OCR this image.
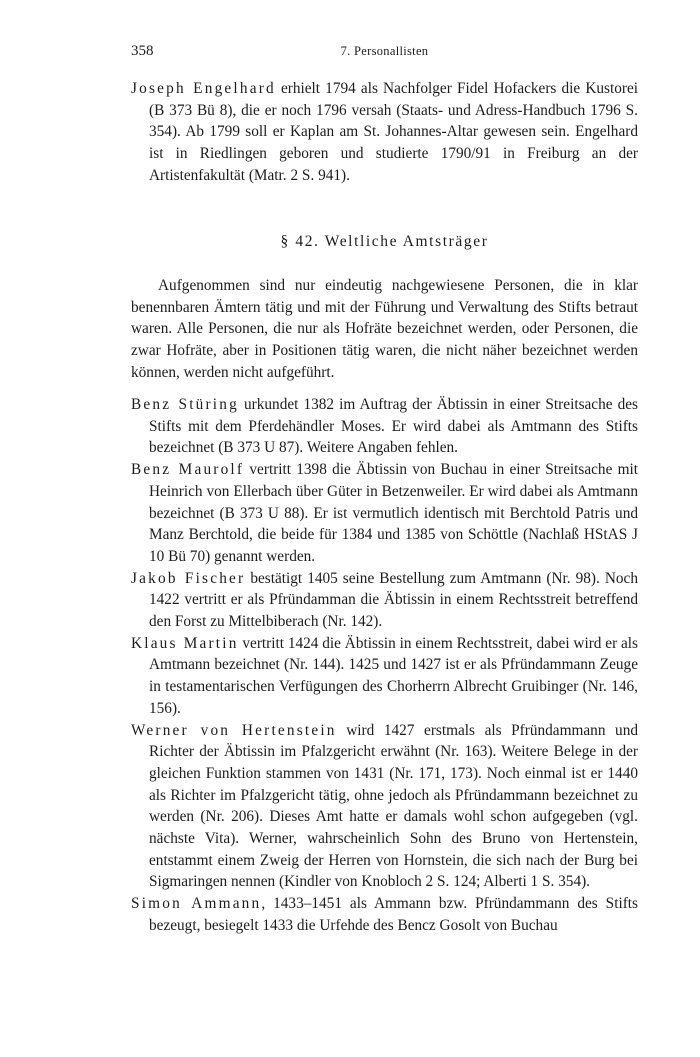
358	7. Personallisten

Joseph Engelhard erhielt 1794 als Nachfolger Fidel Hofackers die Kustorei (B 373 Bü 8), die er noch 1796 versah (Staats- und Adress-Handbuch 1796 S. 354). Ab 1799 soll er Kaplan am St. Johannes-Altar gewesen sein. Engelhard ist in Riedlingen geboren und studierte 1790/91 in Freiburg an der Artistenfakultät (Matr. 2 S. 941).

§ 42. Weltliche Amtsträger

Aufgenommen sind nur eindeutig nachgewiesene Personen, die in klar benennbaren Ämtern tätig und mit der Führung und Verwaltung des Stifts betraut waren. Alle Personen, die nur als Hofräte bezeichnet werden, oder Personen, die zwar Hofräte, aber in Positionen tätig waren, die nicht näher bezeichnet werden können, werden nicht aufgeführt.

Benz Stüring urkundet 1382 im Auftrag der Äbtissin in einer Streitsache des Stifts mit dem Pferdehändler Moses. Er wird dabei als Amtmann des Stifts bezeichnet (B 373 U 87). Weitere Angaben fehlen.

Benz Maurolf vertritt 1398 die Äbtissin von Buchau in einer Streitsache mit Heinrich von Ellerbach über Güter in Betzenweiler. Er wird dabei als Amtmann bezeichnet (B 373 U 88). Er ist vermutlich identisch mit Berchtold Patris und Manz Berchtold, die beide für 1384 und 1385 von Schöttle (Nachlaß HStAS J 10 Bü 70) genannt werden.

Jakob Fischer bestätigt 1405 seine Bestellung zum Amtmann (Nr. 98). Noch 1422 vertritt er als Pfründamman die Äbtissin in einem Rechtsstreit betreffend den Forst zu Mittelbiberach (Nr. 142).

Klaus Martin vertritt 1424 die Äbtissin in einem Rechtsstreit, dabei wird er als Amtmann bezeichnet (Nr. 144). 1425 und 1427 ist er als Pfründammann Zeuge in testamentarischen Verfügungen des Chorherrn Albrecht Gruibinger (Nr. 146, 156).

Werner von Hertenstein wird 1427 erstmals als Pfründammann und Richter der Äbtissin im Pfalzgericht erwähnt (Nr. 163). Weitere Belege in der gleichen Funktion stammen von 1431 (Nr. 171, 173). Noch einmal ist er 1440 als Richter im Pfalzgericht tätig, ohne jedoch als Pfründammann bezeichnet zu werden (Nr. 206). Dieses Amt hatte er damals wohl schon aufgegeben (vgl. nächste Vita). Werner, wahrscheinlich Sohn des Bruno von Hertenstein, entstammt einem Zweig der Herren von Hornstein, die sich nach der Burg bei Sigmaringen nennen (Kindler von Knobloch 2 S. 124; Alberti 1 S. 354).

Simon Ammann, 1433–1451 als Ammann bzw. Pfründammann des Stifts bezeugt, besiegelt 1433 die Urfehde des Bencz Gosolt von Buchau
